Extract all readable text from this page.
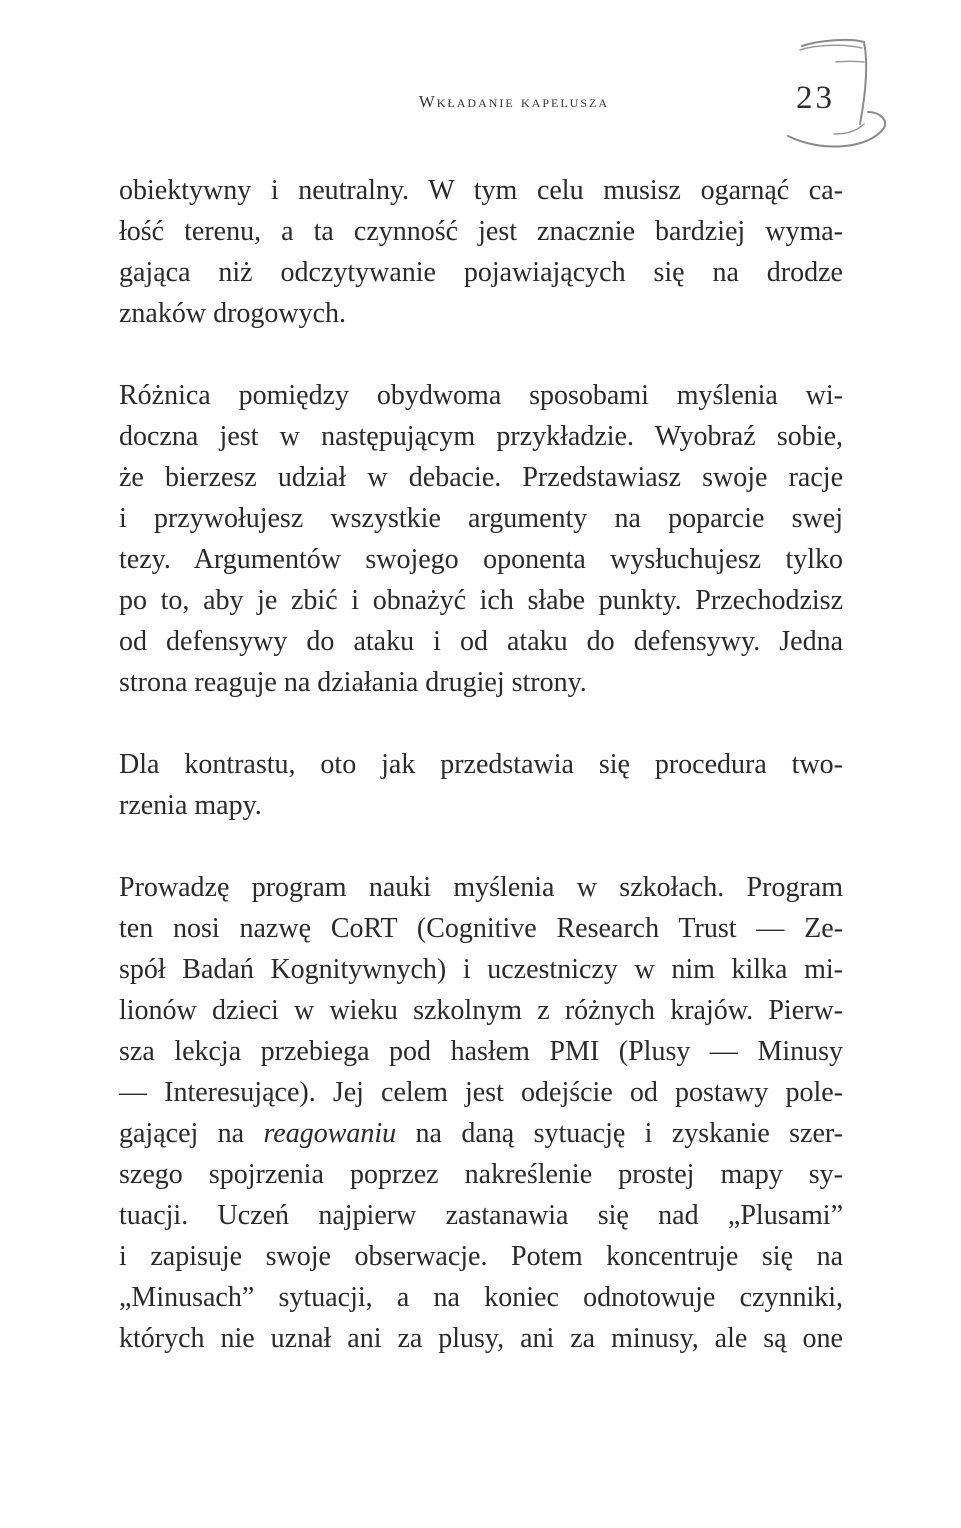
Wkładanie kapelusza	23

obiektywny i neutralny. W tym celu musisz ogarnąć ca-
łość terenu, a ta czynność jest znacznie bardziej wyma-
gająca niż odczytywanie pojawiających się na drodze
znaków drogowych.

Różnica pomiędzy obydwoma sposobami myślenia wi-
doczna jest w następującym przykładzie. Wyobraź sobie,
że bierzesz udział w debacie. Przedstawiasz swoje racje
i przywołujesz wszystkie argumenty na poparcie swej
tezy. Argumentów swojego oponenta wysłuchujesz tylko
po to, aby je zbić i obnażyć ich słabe punkty. Przechodzisz
od defensywy do ataku i od ataku do defensywy. Jedna
strona reaguje na działania drugiej strony.

Dla kontrastu, oto jak przedstawia się procedura two-
rzenia mapy.

Prowadzę program nauki myślenia w szkołach. Program
ten nosi nazwę CoRT (Cognitive Research Trust — Ze-
spół Badań Kognitywnych) i uczestniczy w nim kilka mi-
lionów dzieci w wieku szkolnym z różnych krajów. Pierw-
sza lekcja przebiega pod hasłem PMI (Plusy — Minusy
— Interesujące). Jej celem jest odejście od postawy pole-
gającej na reagowaniu na daną sytuację i zyskanie szer-
szego spojrzenia poprzez nakreślenie prostej mapy sy-
tuacji. Uczeń najpierw zastanawia się nad „Plusami”
i zapisuje swoje obserwacje. Potem koncentruje się na
„Minusach” sytuacji, a na koniec odnotowuje czynniki,
których nie uznał ani za plusy, ani za minusy, ale są one
